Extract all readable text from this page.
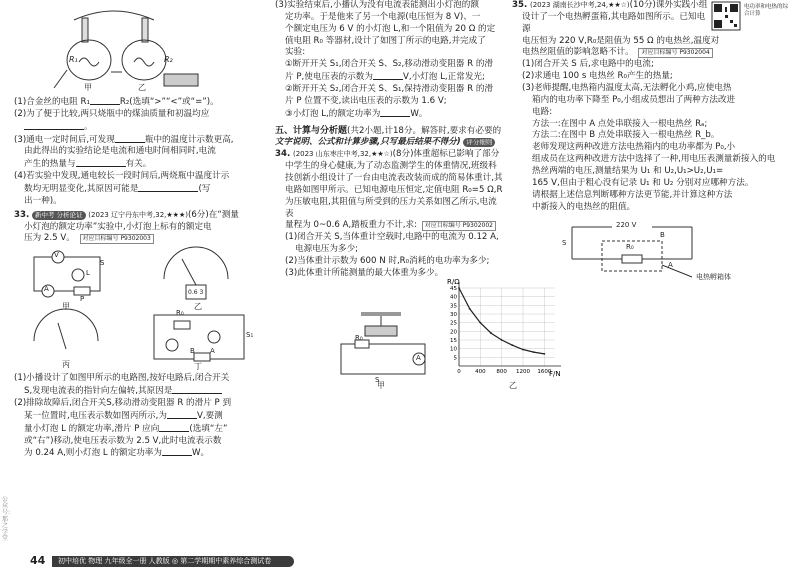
R₁	R₂
甲	乙

(1)合金丝的电阻 R₁	R₂(选填“>”“<”或“=”)。

(2)为了便于比较,两只烧瓶中的煤油质量和初温均应

。

(3)通电一定时间后,可发现	瓶中的温度计示数更高,

由此得出的实验结论是电流和通电时间相同时,电流

产生的热量与	有关。

(4)若实验中发现,通电较长一段时间后,两烧瓶中温度计示

数均无明显变化,其原因可能是	(写

出一种)。

33. 新中考 分析论证 (2023 辽宁丹东中考,32,★★★)(6分)在“测量

小灯泡的额定功率”实验中,小灯泡上标有的额定电

压为 2.5 V。 对应目标编号 P9302003

V
A
L
P
S
0.6 3
R₀
S₁
B A
甲	乙
丙	丁

(1)小播设计了如图甲所示的电路图,按好电路后,闭合开关

S,发现电流表的指针向左偏转,其原因是

(2)排除故障后,闭合开关S,移动滑动变阻器 R 的滑片 P 到

某一位置时,电压表示数如图丙所示,为	V,要测

量小灯泡 L 的额定功率,滑片 P 应向	(选填“左”

或“右”)移动,使电压表示数为 2.5 V,此时电流表示数

为 0.24 A,则小灯泡 L 的额定功率为	W。

(3)实验结束后,小播认为没有电流表能测出小灯泡的额

定功率。于是他来了另一个电源(电压恒为 8 V)、一

个额定电压为 6 V 的小灯泡 L,和一个阻值为 20 Ω 的定

值电阻 R₀ 等器材,设计了如图丁所示的电路,并完成了

实验:

①断开开关 S₁,闭合开关 S、S₂,移动滑动变阻器 R 的滑

片 P,使电压表的示数为	V,小灯泡 L,正常发光;

②断开开关 S₂,闭合开关 S、S₁,保持滑动变阻器 R 的滑

片 P 位置不变,读出电压表的示数为 1.6 V;

③小灯泡 L,的额定功率为	W。

五、计算与分析题(共2小题,计18分。解答时,要求有必要的

文字说明、公式和计算步骤,只写最后结果不得分) 评分细则

34. (2023 山东枣庄中考,32,★★☆)(8分)体重超标已影响了部分

中学生的身心健康,为了动态监测学生的体重情况,班级科

技创新小组设计了一台由电流表改装而成的简易体重计,其

电路如图甲所示。已知电源电压恒定,定值电阻 R₀=5 Ω,R

为压敏电阻,其阻值与所受到的压力关系如图乙所示,电流表

量程为 0~0.6 A,踏板重力不计,求: 对应目标编号 P9302002

(1)闭合开关 S,当体重计空载时,电路中的电流为 0.12 A,

电源电压为多少;

(2)当体重计示数为 600 N 时,R₀消耗的电功率为多少;

(3)此体重计所能测量的最大体重为多少。

R₀
S
A
甲
5
10
15
20
25
30
35
40
45
0	400 800 1200 1600
R/Ω
F/N
乙
电功率和电热的综合计算

35. (2023 湖南长沙中考,24,★★☆)(10分)课外实践小组

设计了一个电热孵蛋箱,其电路如图所示。已知电源

电压恒为 220 V,R₀是阻值为 55 Ω 的电热丝,温度对

电热丝阻值的影响忽略不计。 对应目标编号 P9302004

(1)闭合开关 S 后,求电路中的电流;

(2)求通电 100 s 电热丝 R₀产生的热量;

(3)老师提醒,电热箱内温度太高,无法孵化小鸡,应使电热

箱内的电功率下降至 P₀,小组成员想出了两种方法改进

电路:

方法一:在图中 A 点处串联接入一根电热丝 Rₐ;

方法二:在图中 B 点处串联接入一根电热丝 R_b。

老师发现这两种改进方法电热箱内的电功率都为 P₀,小

组成员在这两种改进方法中选择了一种,用电压表测量新接入的电

热丝两端的电压,测量结果为 U₁ 和 U₂,U₁>U₂,U₁=

165 V,但由于粗心没有记录 U₁ 和 U₂ 分别对应哪种方法。

请根据上述信息判断哪种方法更节能,并计算这种方法

中新接入的电热丝的阻值。

220 V
S
B
A
R₀
电热孵箱体
44	初中培优 物理 九年级全一册 人教版 ◎ 第二学期期中素养综合测试卷
公众号:那之学堂
